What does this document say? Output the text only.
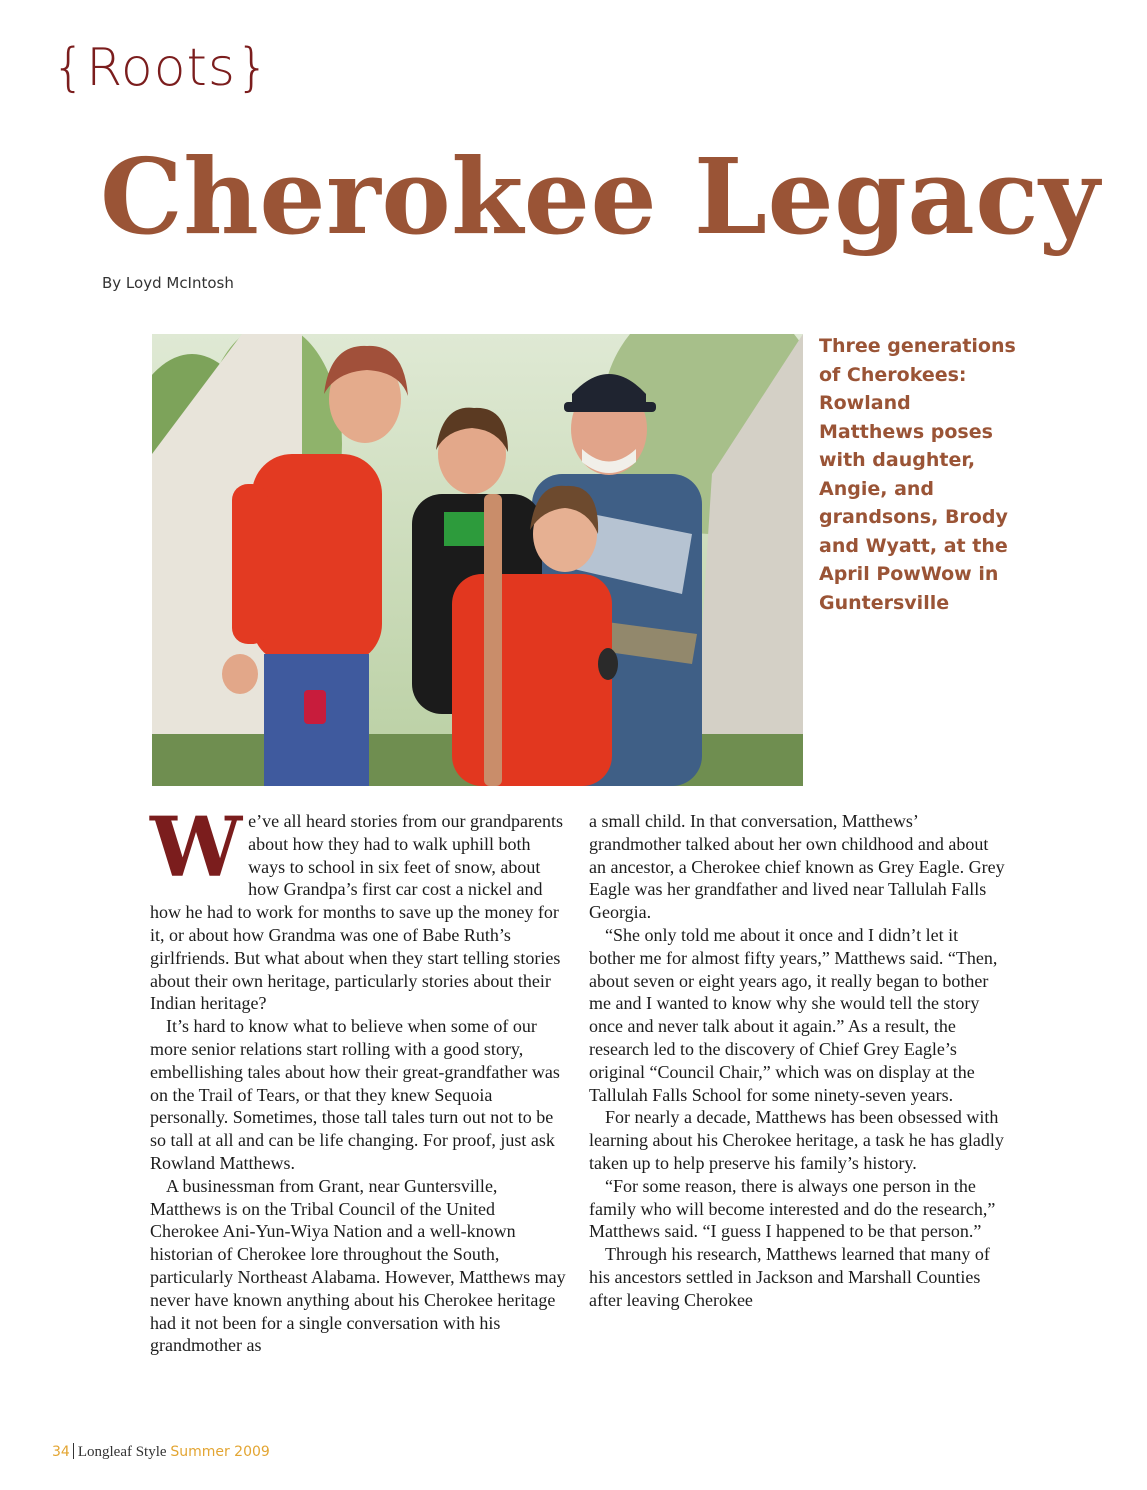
{Roots}
Cherokee Legacy
By Loyd McIntosh
Three generations of Cherokees: Rowland Matthews poses with daughter, Angie, and grandsons, Brody and Wyatt, at the April PowWow in Guntersville

We’ve all heard stories from our grandparents about how they had to walk uphill both ways to school in six feet of snow, about how Grandpa’s first car cost a nickel and how he had to work for months to save up the money for it, or about how Grandma was one of Babe Ruth’s girlfriends. But what about when they start telling stories about their own heritage, particularly stories about their Indian heritage?

It’s hard to know what to believe when some of our more senior relations start rolling with a good story, embellishing tales about how their great-grandfather was on the Trail of Tears, or that they knew Sequoia personally. Sometimes, those tall tales turn out not to be so tall at all and can be life changing. For proof, just ask Rowland Matthews.

A businessman from Grant, near Guntersville, Matthews is on the Tribal Council of the United Cherokee Ani-Yun-Wiya Nation and a well-known historian of Cherokee lore throughout the South, particularly Northeast Alabama. However, Matthews may never have known anything about his Cherokee heritage had it not been for a single conversation with his grandmother as

a small child. In that conversation, Matthews’ grandmother talked about her own childhood and about an ancestor, a Cherokee chief known as Grey Eagle. Grey Eagle was her grandfather and lived near Tallulah Falls Georgia.

“She only told me about it once and I didn’t let it bother me for almost fifty years,” Matthews said. “Then, about seven or eight years ago, it really began to bother me and I wanted to know why she would tell the story once and never talk about it again.” As a result, the research led to the discovery of Chief Grey Eagle’s original “Council Chair,” which was on display at the Tallulah Falls School for some ninety-seven years.

For nearly a decade, Matthews has been obsessed with learning about his Cherokee heritage, a task he has gladly taken up to help preserve his family’s history.

“For some reason, there is always one person in the family who will become interested and do the research,” Matthews said. “I guess I happened to be that person.”

Through his research, Matthews learned that many of his ancestors settled in Jackson and Marshall Counties after leaving Cherokee

34 Longleaf Style Summer 2009
